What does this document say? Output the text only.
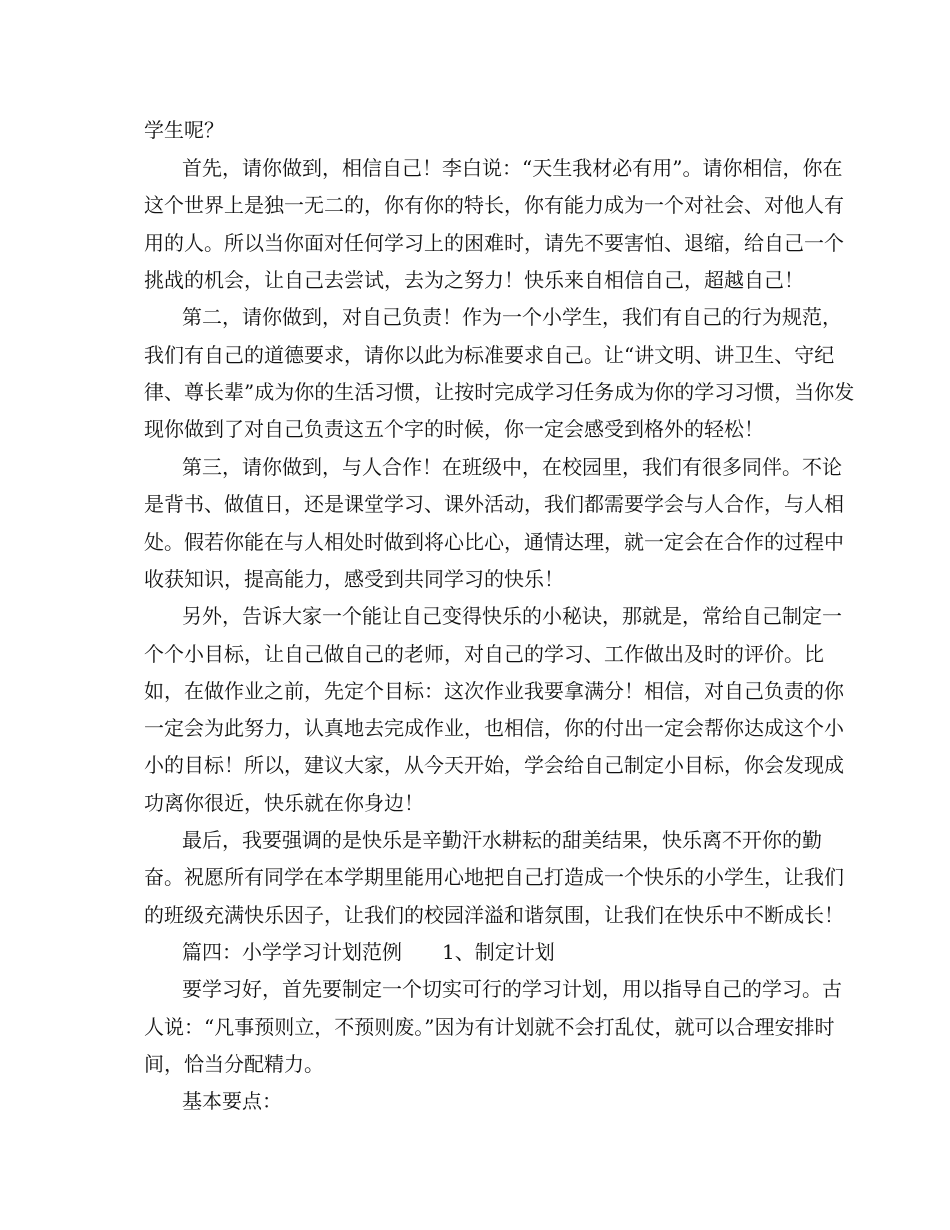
学生呢？
首先，请你做到，相信自己！李白说：“天生我材必有用”。请你相信，你在
这个世界上是独一无二的，你有你的特长，你有能力成为一个对社会、对他人有
用的人。所以当你面对任何学习上的困难时，请先不要害怕、退缩，给自己一个
挑战的机会，让自己去尝试，去为之努力！快乐来自相信自己，超越自己！
第二，请你做到，对自己负责！作为一个小学生，我们有自己的行为规范，
我们有自己的道德要求，请你以此为标准要求自己。让“讲文明、讲卫生、守纪
律、尊长辈”成为你的生活习惯，让按时完成学习任务成为你的学习习惯，当你发
现你做到了对自己负责这五个字的时候，你一定会感受到格外的轻松！
第三，请你做到，与人合作！在班级中，在校园里，我们有很多同伴。不论
是背书、做值日，还是课堂学习、课外活动，我们都需要学会与人合作，与人相
处。假若你能在与人相处时做到将心比心，通情达理，就一定会在合作的过程中
收获知识，提高能力，感受到共同学习的快乐！
另外，告诉大家一个能让自己变得快乐的小秘诀，那就是，常给自己制定一
个个小目标，让自己做自己的老师，对自己的学习、工作做出及时的评价。比
如，在做作业之前，先定个目标：这次作业我要拿满分！相信，对自己负责的你
一定会为此努力，认真地去完成作业，也相信，你的付出一定会帮你达成这个小
小的目标！所以，建议大家，从今天开始，学会给自己制定小目标，你会发现成
功离你很近，快乐就在你身边！
最后，我要强调的是快乐是辛勤汗水耕耘的甜美结果，快乐离不开你的勤
奋。祝愿所有同学在本学期里能用心地把自己打造成一个快乐的小学生，让我们
的班级充满快乐因子，让我们的校园洋溢和谐氛围，让我们在快乐中不断成长！
篇四：小学学习计划范例　　1、制定计划
要学习好，首先要制定一个切实可行的学习计划，用以指导自己的学习。古
人说：“凡事预则立，不预则废。”因为有计划就不会打乱仗，就可以合理安排时
间，恰当分配精力。
基本要点：
